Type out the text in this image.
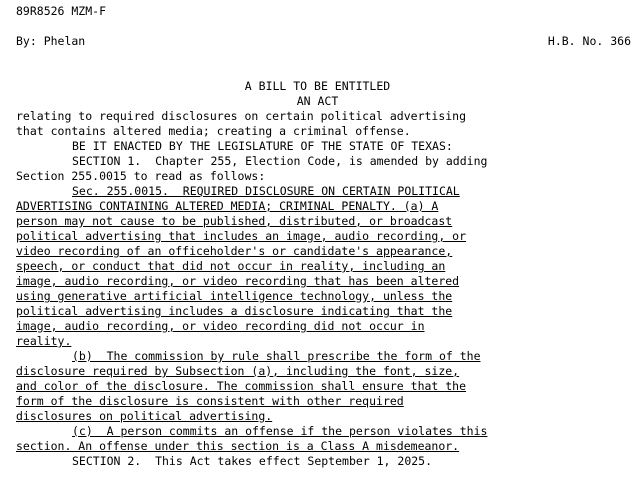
89R8526 MZM-F
By: Phelan	H.B. No. 366
A BILL TO BE ENTITLED
AN ACT
relating to required disclosures on certain political advertising
that contains altered media; creating a criminal offense.
BE IT ENACTED BY THE LEGISLATURE OF THE STATE OF TEXAS:
SECTION 1.  Chapter 255, Election Code, is amended by adding
Section 255.0015 to read as follows:
Sec. 255.0015.  REQUIRED DISCLOSURE ON CERTAIN POLITICAL
ADVERTISING CONTAINING ALTERED MEDIA; CRIMINAL PENALTY. (a) A
person may not cause to be published, distributed, or broadcast
political advertising that includes an image, audio recording, or
video recording of an officeholder's or candidate's appearance,
speech, or conduct that did not occur in reality, including an
image, audio recording, or video recording that has been altered
using generative artificial intelligence technology, unless the
political advertising includes a disclosure indicating that the
image, audio recording, or video recording did not occur in
reality.
(b)  The commission by rule shall prescribe the form of the
disclosure required by Subsection (a), including the font, size,
and color of the disclosure. The commission shall ensure that the
form of the disclosure is consistent with other required
disclosures on political advertising.
(c)  A person commits an offense if the person violates this
section. An offense under this section is a Class A misdemeanor.
SECTION 2.  This Act takes effect September 1, 2025.
